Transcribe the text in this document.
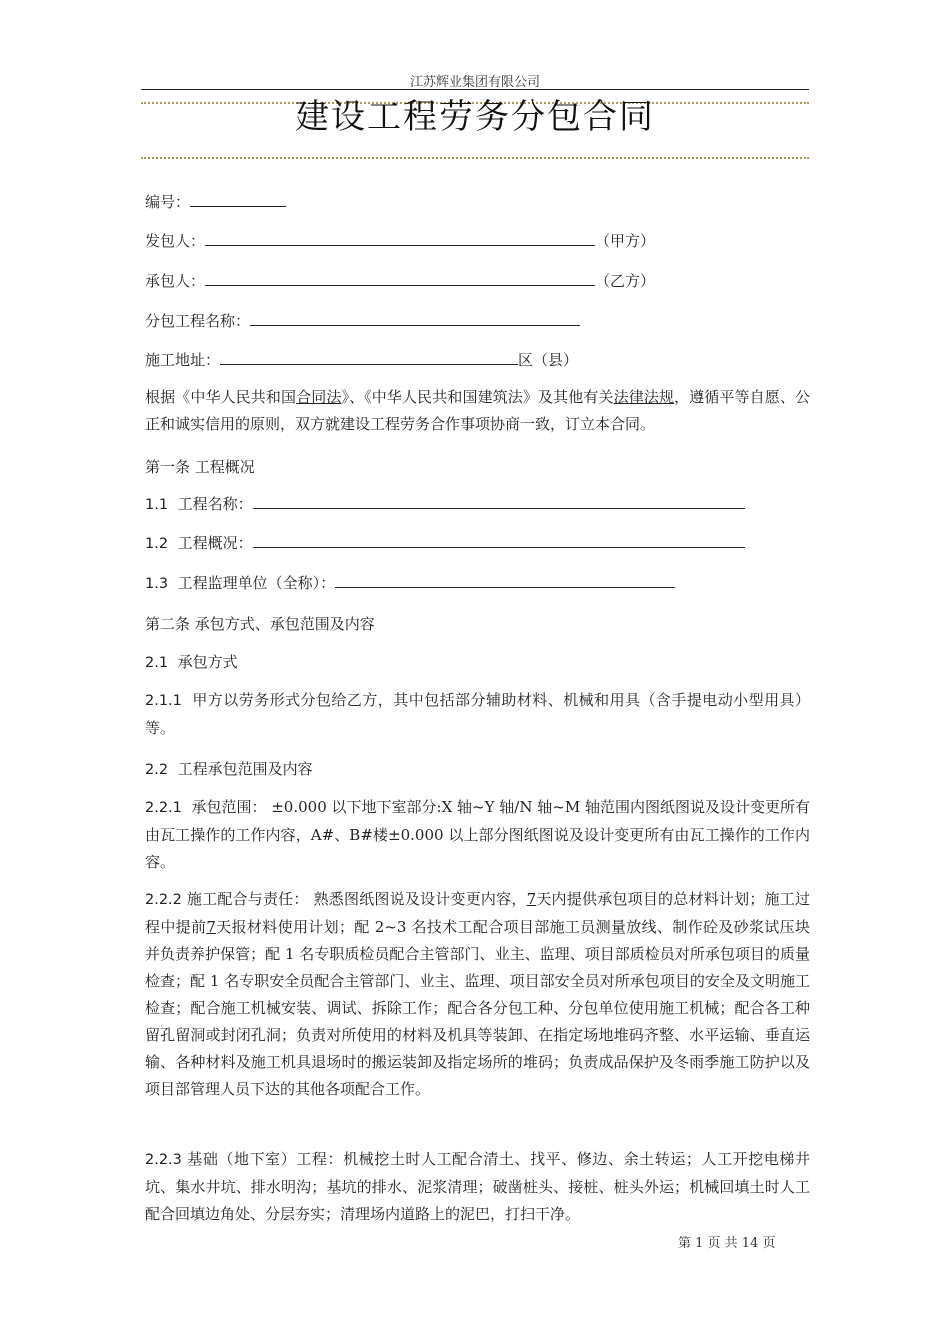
江苏辉业集团有限公司
建设工程劳务分包合同
编号：
发包人：	（甲方）
承包人：	（乙方）
分包工程名称：
施工地址：	区（县）
根据《中华人民共和国合同法》、《中华人民共和国建筑法》及其他有关法律法规，遵循平等自愿、公正和诚实信用的原则，双方就建设工程劳务合作事项协商一致，订立本合同。
第一条 工程概况
1.1 工程名称：
1.2 工程概况：
1.3 工程监理单位（全称）：
第二条 承包方式、承包范围及内容
2.1 承包方式
2.1.1 甲方以劳务形式分包给乙方，其中包括部分辅助材料、机械和用具（含手提电动小型用具）等。
2.2 工程承包范围及内容
2.2.1 承包范围： ±0.000 以下地下室部分:X 轴~Y 轴/N 轴~M 轴范围内图纸图说及设计变更所有由瓦工操作的工作内容，A#、B#楼±0.000 以上部分图纸图说及设计变更所有由瓦工操作的工作内容。
2.2.2 施工配合与责任： 熟悉图纸图说及设计变更内容，7天内提供承包项目的总材料计划；施工过程中提前7天报材料使用计划；配 2~3 名技术工配合项目部施工员测量放线、制作砼及砂浆试压块并负责养护保管；配 1 名专职质检员配合主管部门、业主、监理、项目部质检员对所承包项目的质量检查；配 1 名专职安全员配合主管部门、业主、监理、项目部安全员对所承包项目的安全及文明施工检查；配合施工机械安装、调试、拆除工作；配合各分包工种、分包单位使用施工机械；配合各工种留孔留洞或封闭孔洞；负责对所使用的材料及机具等装卸、在指定场地堆码齐整、水平运输、垂直运输、各种材料及施工机具退场时的搬运装卸及指定场所的堆码；负责成品保护及冬雨季施工防护以及项目部管理人员下达的其他各项配合工作。
2.2.3 基础（地下室）工程：机械挖土时人工配合清土、找平、修边、余土转运；人工开挖电梯井坑、集水井坑、排水明沟；基坑的排水、泥浆清理；破凿桩头、接桩、桩头外运；机械回填土时人工配合回填边角处、分层夯实；清理场内道路上的泥巴，打扫干净。
第 1 页 共 14 页
